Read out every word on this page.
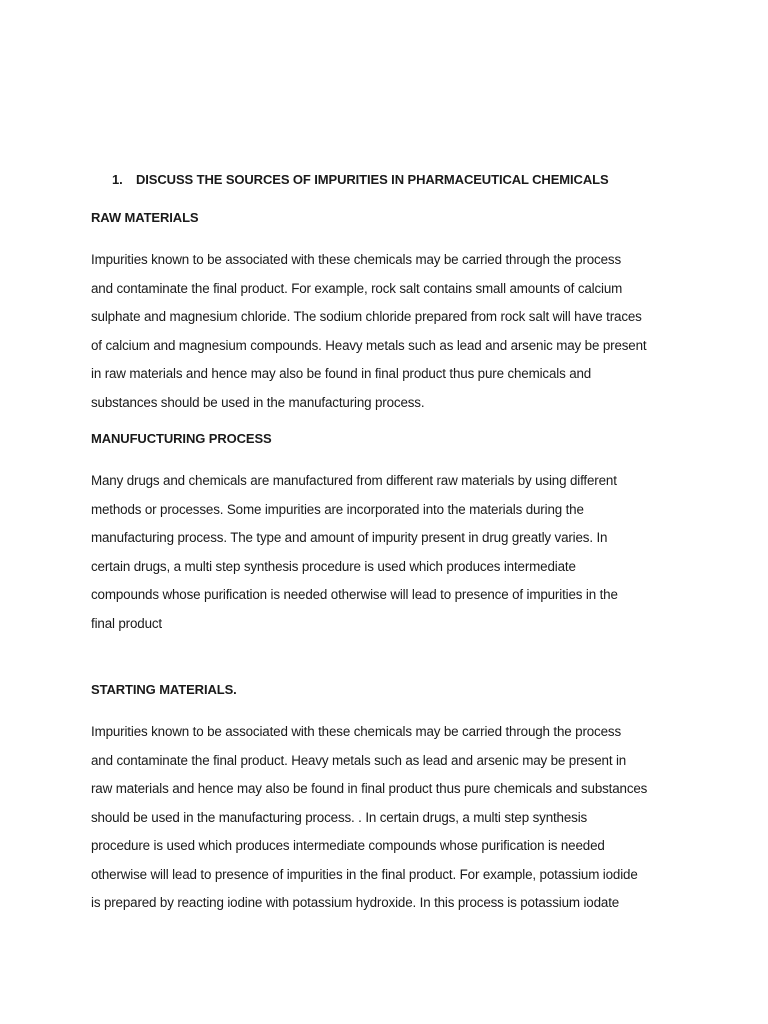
1.	DISCUSS THE SOURCES OF IMPURITIES IN PHARMACEUTICAL CHEMICALS
RAW MATERIALS
Impurities known to be associated with these chemicals may be carried through the process
and contaminate the final product. For example, rock salt contains small amounts of calcium
sulphate and magnesium chloride. The sodium chloride prepared from rock salt will have traces
of calcium and magnesium compounds. Heavy metals such as lead and arsenic may be present
in raw materials and hence may also be found in final product thus pure chemicals and
substances should be used in the manufacturing process.
MANUFUCTURING PROCESS
Many drugs and chemicals are manufactured from different raw materials by using different
methods or processes. Some impurities are incorporated into the materials during the
manufacturing process. The type and amount of impurity present in drug greatly varies. In
certain drugs, a multi step synthesis procedure is used which produces intermediate
compounds whose purification is needed otherwise will lead to presence of impurities in the
final product
STARTING MATERIALS.
Impurities known to be associated with these chemicals may be carried through the process
and contaminate the final product. Heavy metals such as lead and arsenic may be present in
raw materials and hence may also be found in final product thus pure chemicals and substances
should be used in the manufacturing process. . In certain drugs, a multi step synthesis
procedure is used which produces intermediate compounds whose purification is needed
otherwise will lead to presence of impurities in the final product. For example, potassium iodide
is prepared by reacting iodine with potassium hydroxide. In this process is potassium iodate
